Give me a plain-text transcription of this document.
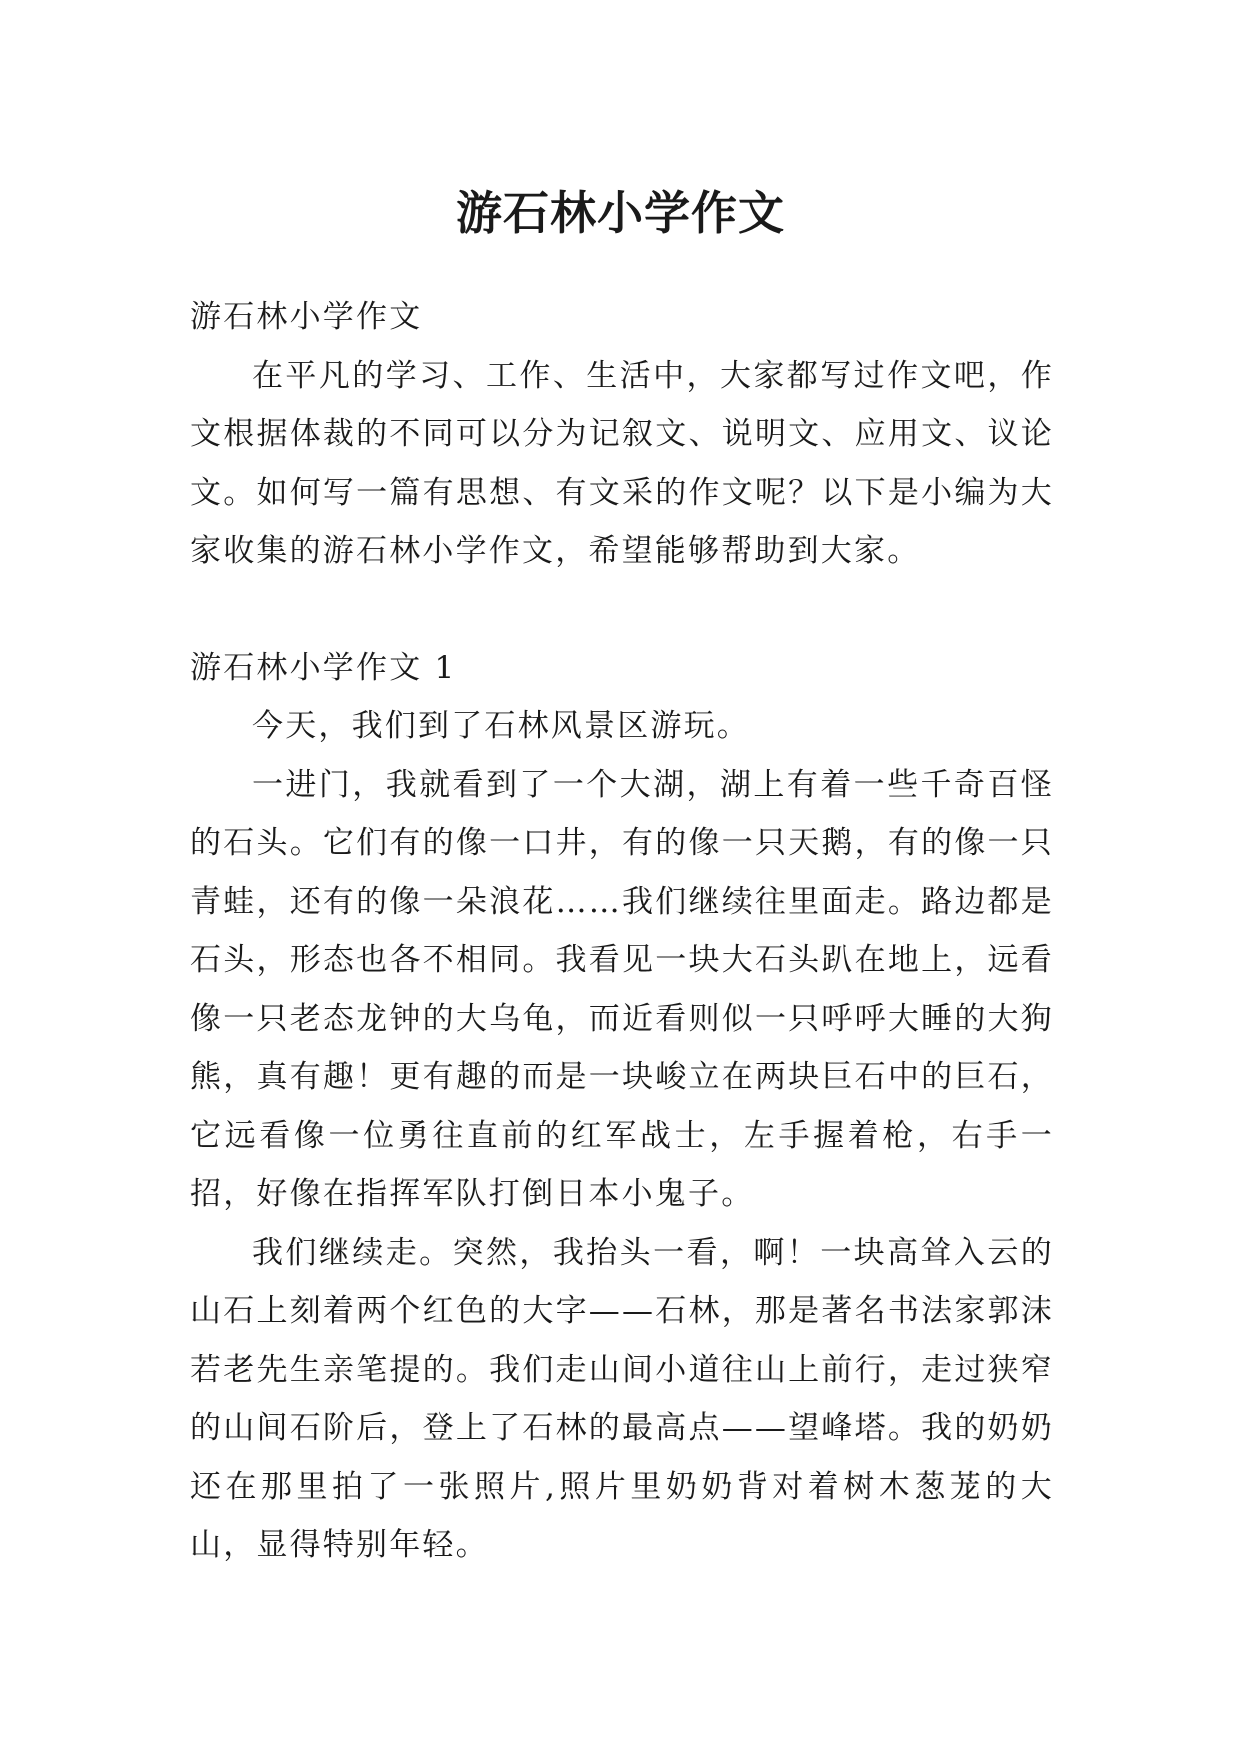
游石林小学作文

游石林小学作文

在平凡的学习、工作、生活中，大家都写过作文吧，作文根据体裁的不同可以分为记叙文、说明文、应用文、议论文。如何写一篇有思想、有文采的作文呢？以下是小编为大家收集的游石林小学作文，希望能够帮助到大家。

游石林小学作文 1

今天，我们到了石林风景区游玩。

一进门，我就看到了一个大湖，湖上有着一些千奇百怪的石头。它们有的像一口井，有的像一只天鹅，有的像一只青蛙，还有的像一朵浪花……我们继续往里面走。路边都是石头，形态也各不相同。我看见一块大石头趴在地上，远看像一只老态龙钟的大乌龟，而近看则似一只呼呼大睡的大狗熊，真有趣！更有趣的而是一块峻立在两块巨石中的巨石，它远看像一位勇往直前的红军战士，左手握着枪，右手一招，好像在指挥军队打倒日本小鬼子。

我们继续走。突然，我抬头一看，啊！一块高耸入云的山石上刻着两个红色的大字——石林，那是著名书法家郭沫若老先生亲笔提的。我们走山间小道往山上前行，走过狭窄的山间石阶后，登上了石林的最高点——望峰塔。我的奶奶还在那里拍了一张照片,照片里奶奶背对着树木葱茏的大山，显得特别年轻。
